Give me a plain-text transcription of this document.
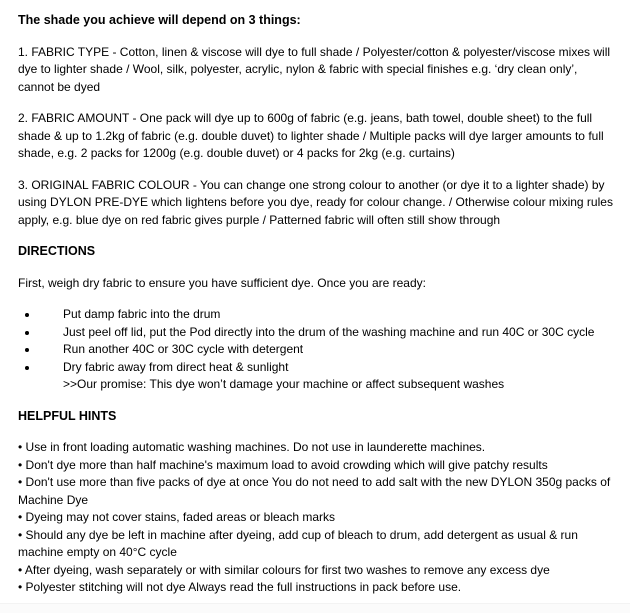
The shade you achieve will depend on 3 things:

1. FABRIC TYPE - Cotton, linen & viscose will dye to full shade / Polyester/cotton & polyester/viscose mixes will dye to lighter shade / Wool, silk, polyester, acrylic, nylon & fabric with special finishes e.g. ‘dry clean only’, cannot be dyed

2. FABRIC AMOUNT - One pack will dye up to 600g of fabric (e.g. jeans, bath towel, double sheet) to the full shade & up to 1.2kg of fabric (e.g. double duvet) to lighter shade / Multiple packs will dye larger amounts to full shade, e.g. 2 packs for 1200g (e.g. double duvet) or 4 packs for 2kg (e.g. curtains)

3. ORIGINAL FABRIC COLOUR - You can change one strong colour to another (or dye it to a lighter shade) by using DYLON PRE-DYE which lightens before you dye, ready for colour change. / Otherwise colour mixing rules apply, e.g. blue dye on red fabric gives purple / Patterned fabric will often still show through

DIRECTIONS

First, weigh dry fabric to ensure you have sufficient dye. Once you are ready:

Put damp fabric into the drum
Just peel off lid, put the Pod directly into the drum of the washing machine and run 40C or 30C cycle
Run another 40C or 30C cycle with detergent
Dry fabric away from direct heat & sunlight
>>Our promise: This dye won’t damage your machine or affect subsequent washes
HELPFUL HINTS

• Use in front loading automatic washing machines. Do not use in launderette machines.

• Don't dye more than half machine's maximum load to avoid crowding which will give patchy results

• Don't use more than five packs of dye at once You do not need to add salt with the new DYLON 350g packs of Machine Dye

• Dyeing may not cover stains, faded areas or bleach marks

• Should any dye be left in machine after dyeing, add cup of bleach to drum, add detergent as usual & run machine empty on 40°C cycle

• After dyeing, wash separately or with similar colours for first two washes to remove any excess dye

• Polyester stitching will not dye Always read the full instructions in pack before use.
